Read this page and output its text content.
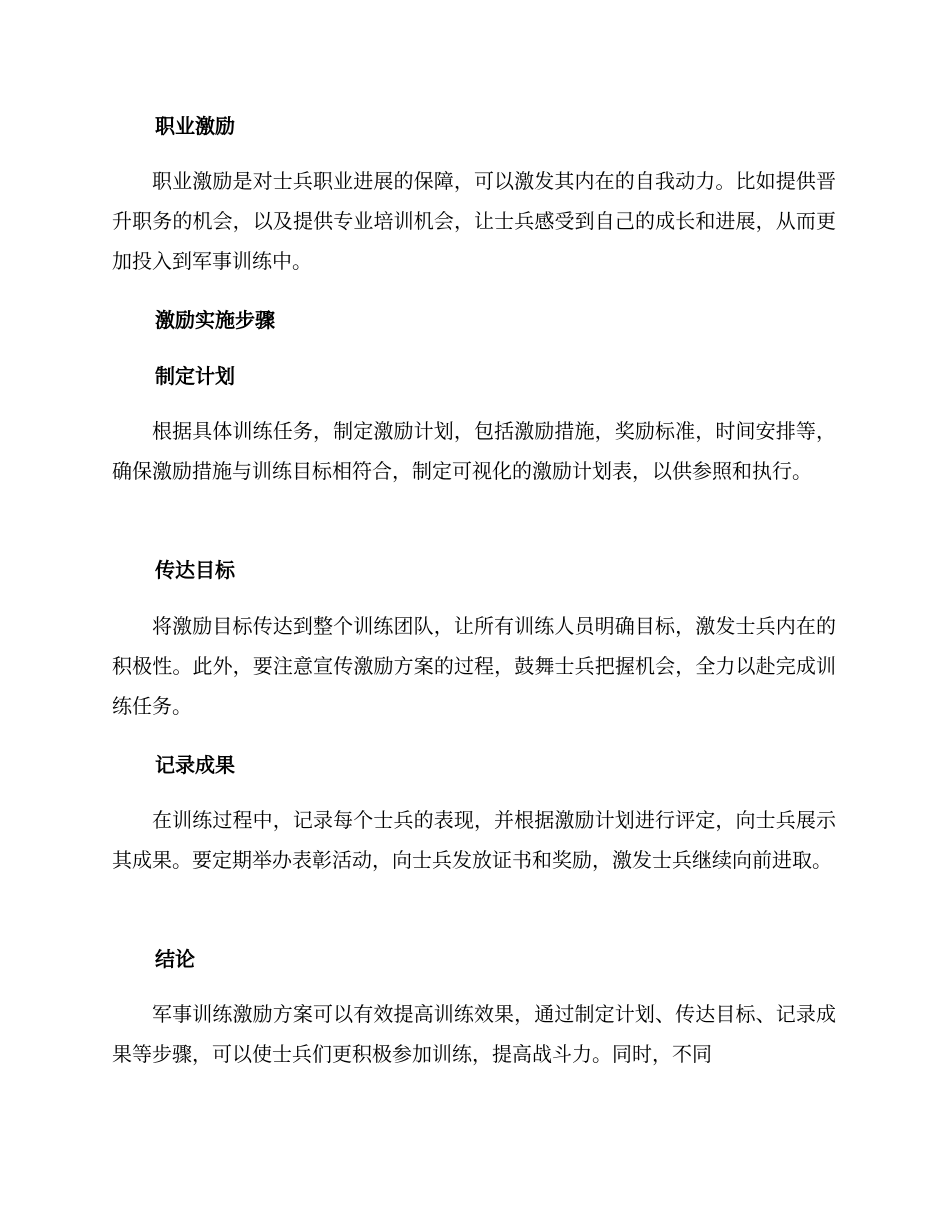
职业激励

职业激励是对士兵职业进展的保障，可以激发其内在的自我动力。比如提供晋升职务的机会，以及提供专业培训机会，让士兵感受到自己的成长和进展，从而更加投入到军事训练中。

激励实施步骤
制定计划

根据具体训练任务，制定激励计划，包括激励措施，奖励标准，时间安排等，确保激励措施与训练目标相符合，制定可视化的激励计划表，以供参照和执行。

传达目标

将激励目标传达到整个训练团队，让所有训练人员明确目标，激发士兵内在的积极性。此外，要注意宣传激励方案的过程，鼓舞士兵把握机会，全力以赴完成训练任务。

记录成果

在训练过程中，记录每个士兵的表现，并根据激励计划进行评定，向士兵展示其成果。要定期举办表彰活动，向士兵发放证书和奖励，激发士兵继续向前进取。

结论

军事训练激励方案可以有效提高训练效果，通过制定计划、传达目标、记录成果等步骤，可以使士兵们更积极参加训练，提高战斗力。同时，不同
